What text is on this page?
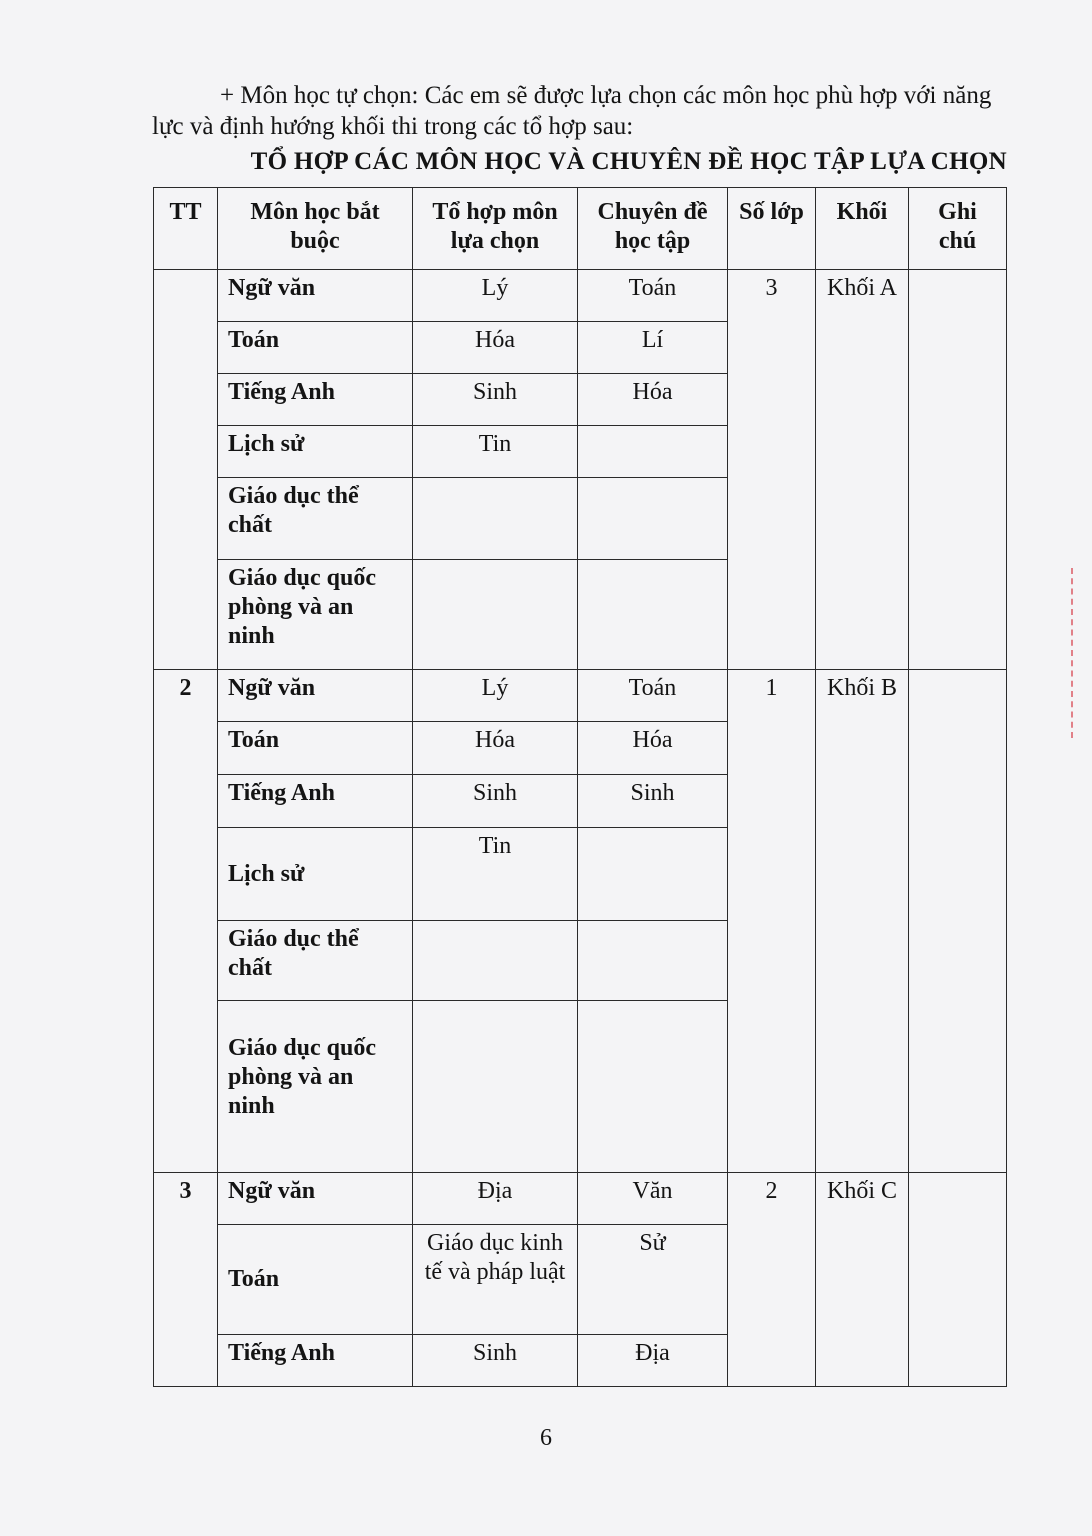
+ Môn học tự chọn: Các em sẽ được lựa chọn các môn học phù hợp với năng
lực và định hướng khối thi trong các tổ hợp sau:
TỔ HỢP CÁC MÔN HỌC VÀ CHUYÊN ĐỀ HỌC TẬP LỰA CHỌN
TT	Môn học bắt buộc	Tổ hợp môn lựa chọn	Chuyên đề học tập	Số lớp	Khối	Ghi chú
	Ngữ văn	Lý	Toán	3	Khối A	
	Toán	Hóa	Lí			
	Tiếng Anh	Sinh	Hóa			
	Lịch sử	Tin				
	Giáo dục thể chất					
	Giáo dục quốc phòng và an ninh					
2	Ngữ văn	Lý	Toán	1	Khối B	
	Toán	Hóa	Hóa			
	Tiếng Anh	Sinh	Sinh			
	Lịch sử	Tin				
	Giáo dục thể chất					
	Giáo dục quốc phòng và an ninh					
3	Ngữ văn	Địa	Văn	2	Khối C	
	Toán	Giáo dục kinh tế và pháp luật	Sử			
	Tiếng Anh	Sinh	Địa			
6
